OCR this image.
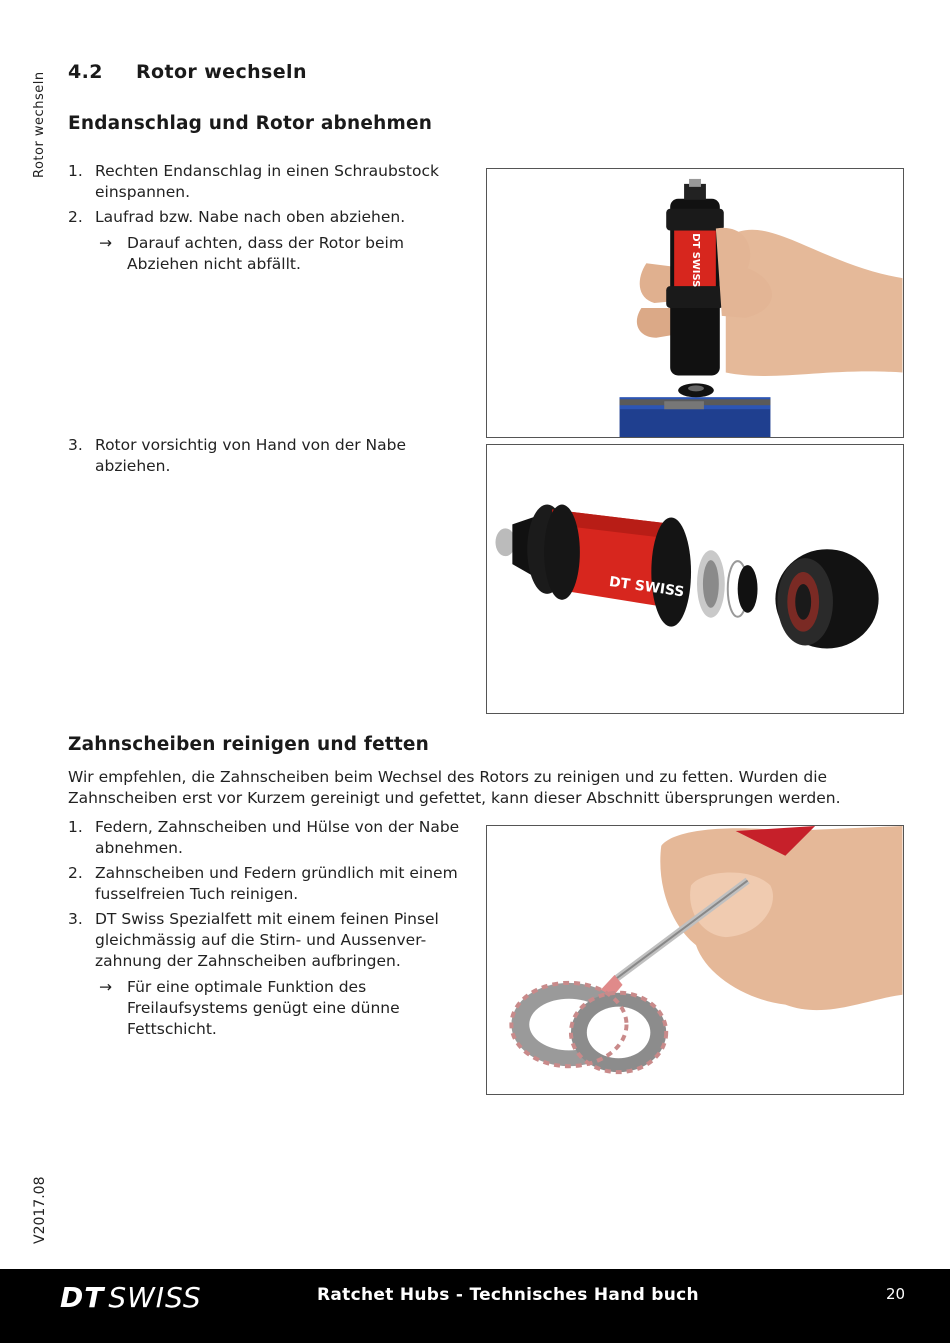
Rotor wechseln 4.2 Rotor wechseln
Endanschlag und Rotor abnehmen
1. Rechten Endanschlag in einen Schraubstock einspannen.
2. Laufrad bzw. Nabe nach oben abziehen.
→ Darauf achten, dass der Rotor beim Abziehen nicht abfällt.
3. Rotor vorsichtig von Hand von der Nabe abziehen.
DT SWISS
DT SWISS
Zahnscheiben reinigen und fetten

Wir empfehlen, die Zahnscheiben beim Wechsel des Rotors zu reinigen und zu fetten. Wurden die Zahnscheiben erst vor Kurzem gereinigt und gefettet, kann dieser Abschnitt übersprungen werden.

1. Federn, Zahnscheiben und Hülse von der Nabe abnehmen.
2. Zahnscheiben und Federn gründlich mit einem fusselfreien Tuch reinigen.
3. DT Swiss Spezialfett mit einem feinen Pinsel gleichmässig auf die Stirn- und Aussenver-zahnung der Zahnscheiben aufbringen.
→ Für eine optimale Funktion des Freilaufsystems genügt eine dünne Fettschicht.
V2017.08
DT SWISS	Ratchet Hubs - Technisches Hand buch	20
